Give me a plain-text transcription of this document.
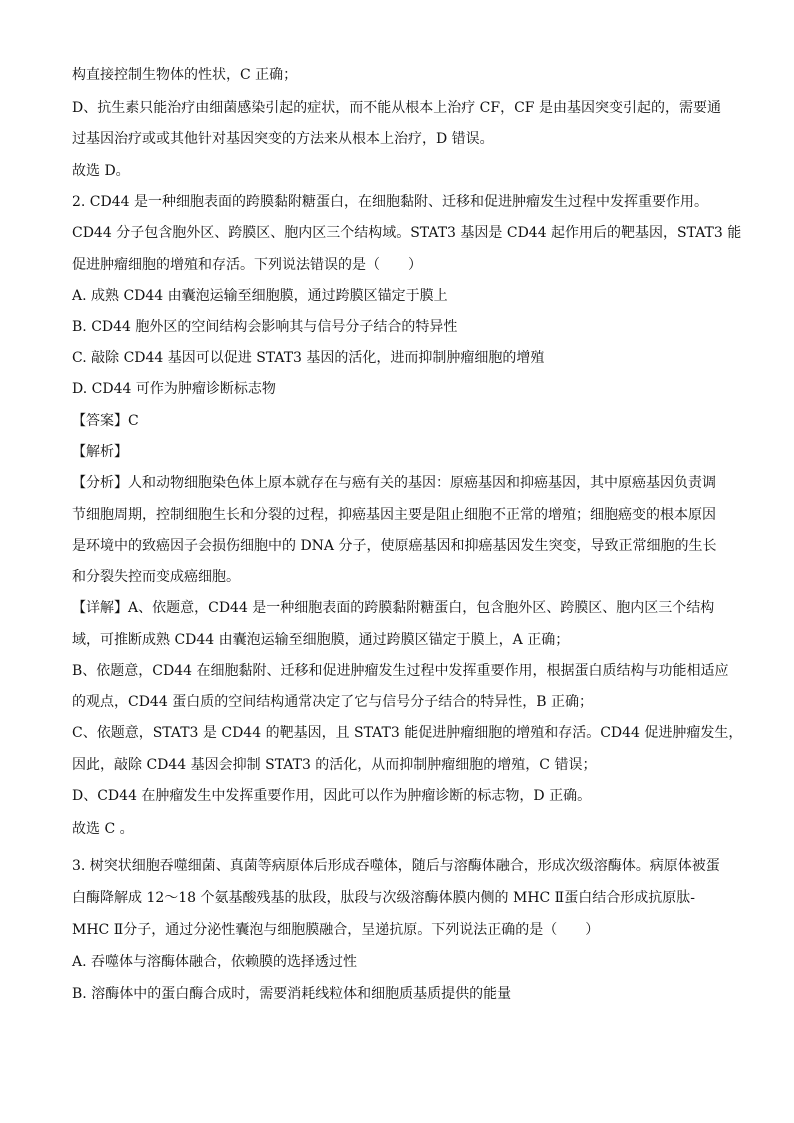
构直接控制生物体的性状，C 正确；
D、抗生素只能治疗由细菌感染引起的症状，而不能从根本上治疗 CF，CF 是由基因突变引起的，需要通
过基因治疗或或其他针对基因突变的方法来从根本上治疗，D 错误。
故选 D。
2. CD44 是一种细胞表面的跨膜黏附糖蛋白，在细胞黏附、迁移和促进肿瘤发生过程中发挥重要作用。
CD44 分子包含胞外区、跨膜区、胞内区三个结构域。STAT3 基因是 CD44 起作用后的靶基因，STAT3 能
促进肿瘤细胞的增殖和存活。下列说法错误的是（　　）
A. 成熟 CD44 由囊泡运输至细胞膜，通过跨膜区锚定于膜上
B. CD44 胞外区的空间结构会影响其与信号分子结合的特异性
C. 敲除 CD44 基因可以促进 STAT3 基因的活化，进而抑制肿瘤细胞的增殖
D. CD44 可作为肿瘤诊断标志物
【答案】C
【解析】
【分析】人和动物细胞染色体上原本就存在与癌有关的基因：原癌基因和抑癌基因，其中原癌基因负责调
节细胞周期，控制细胞生长和分裂的过程，抑癌基因主要是阻止细胞不正常的增殖；细胞癌变的根本原因
是环境中的致癌因子会损伤细胞中的 DNA 分子，使原癌基因和抑癌基因发生突变，导致正常细胞的生长
和分裂失控而变成癌细胞。
【详解】A、依题意，CD44 是一种细胞表面的跨膜黏附糖蛋白，包含胞外区、跨膜区、胞内区三个结构
域，可推断成熟 CD44 由囊泡运输至细胞膜，通过跨膜区锚定于膜上，A 正确；
B、依题意，CD44 在细胞黏附、迁移和促进肿瘤发生过程中发挥重要作用，根据蛋白质结构与功能相适应
的观点，CD44 蛋白质的空间结构通常决定了它与信号分子结合的特异性，B 正确；
C、依题意，STAT3 是 CD44 的靶基因，且 STAT3 能促进肿瘤细胞的增殖和存活。CD44 促进肿瘤发生，
因此，敲除 CD44 基因会抑制 STAT3 的活化，从而抑制肿瘤细胞的增殖，C 错误；
D、CD44 在肿瘤发生中发挥重要作用，因此可以作为肿瘤诊断的标志物，D 正确。
故选 C 。
3. 树突状细胞吞噬细菌、真菌等病原体后形成吞噬体，随后与溶酶体融合，形成次级溶酶体。病原体被蛋
白酶降解成 12～18 个氨基酸残基的肽段，肽段与次级溶酶体膜内侧的 MHC Ⅱ蛋白结合形成抗原肽-
MHC Ⅱ分子，通过分泌性囊泡与细胞膜融合，呈递抗原。下列说法正确的是（　　）
A. 吞噬体与溶酶体融合，依赖膜的选择透过性
B. 溶酶体中的蛋白酶合成时，需要消耗线粒体和细胞质基质提供的能量
